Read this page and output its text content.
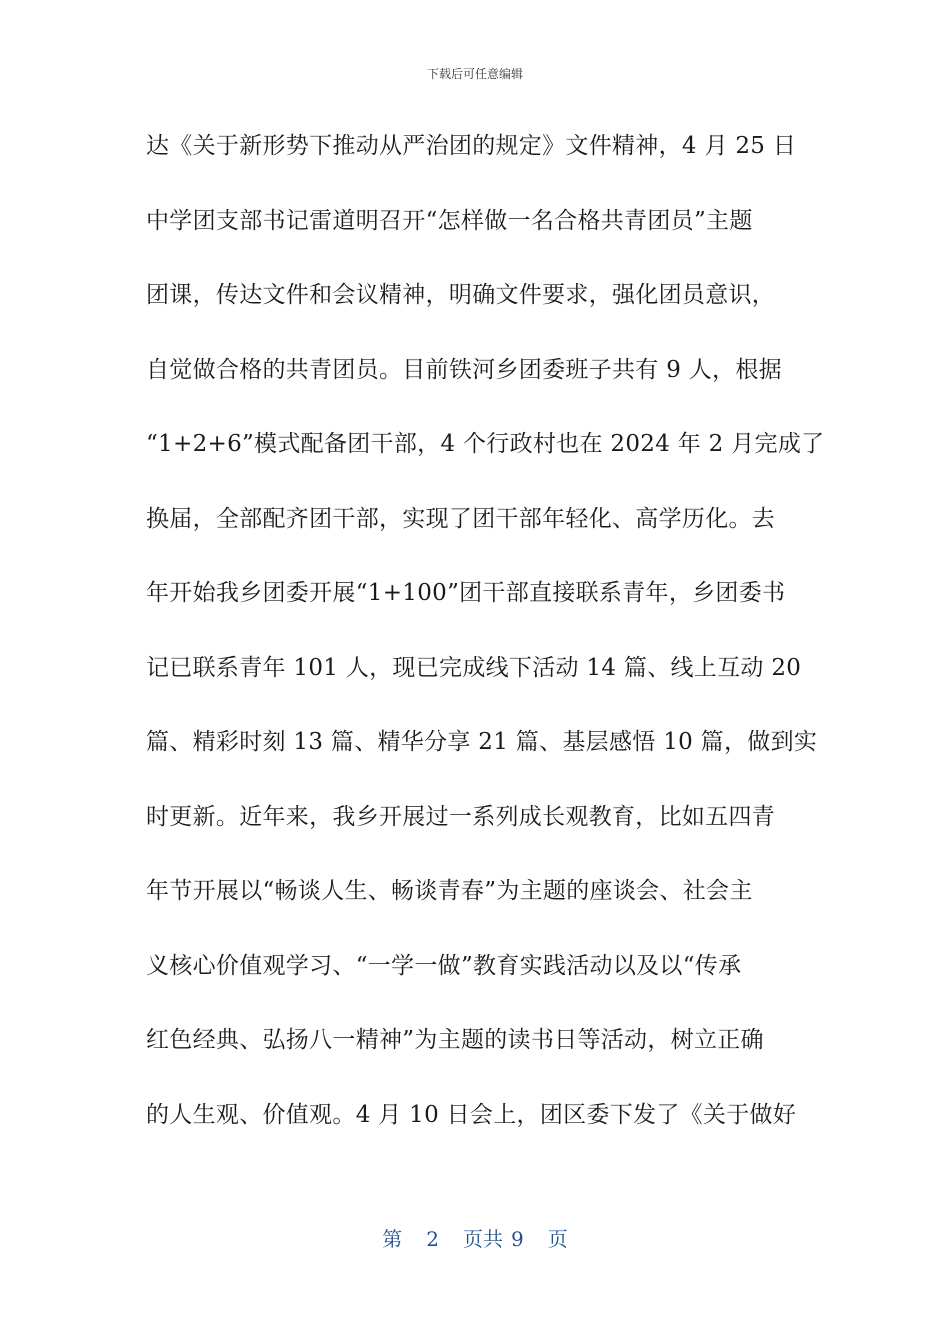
下载后可任意编辑
达《关于新形势下推动从严治团的规定》文件精神，4 月 25 日
中学团支部书记雷道明召开“怎样做一名合格共青团员”主题
团课，传达文件和会议精神，明确文件要求，强化团员意识，
自觉做合格的共青团员。目前铁河乡团委班子共有 9 人，根据
“1+2+6”模式配备团干部，4 个行政村也在 2024 年 2 月完成了
换届，全部配齐团干部，实现了团干部年轻化、高学历化。去
年开始我乡团委开展“1+100”团干部直接联系青年，乡团委书
记已联系青年 101 人，现已完成线下活动 14 篇、线上互动 20
篇、精彩时刻 13 篇、精华分享 21 篇、基层感悟 10 篇，做到实
时更新。近年来，我乡开展过一系列成长观教育，比如五四青
年节开展以“畅谈人生、畅谈青春”为主题的座谈会、社会主
义核心价值观学习、“一学一做”教育实践活动以及以“传承
红色经典、弘扬八一精神”为主题的读书日等活动，树立正确
的人生观、价值观。4 月 10 日会上，团区委下发了《关于做好
第 2 页共 9 页
